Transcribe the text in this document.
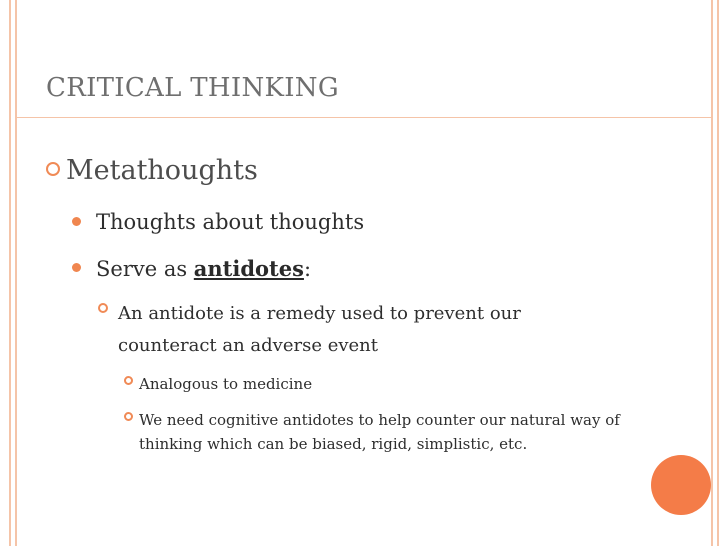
CRITICAL THINKING
Metathoughts
Thoughts about thoughts
Serve as antidotes:
An antidote is a remedy used to prevent our counteract an adverse event
Analogous to medicine
We need cognitive antidotes to help counter our natural way of thinking which can be biased, rigid, simplistic, etc.
